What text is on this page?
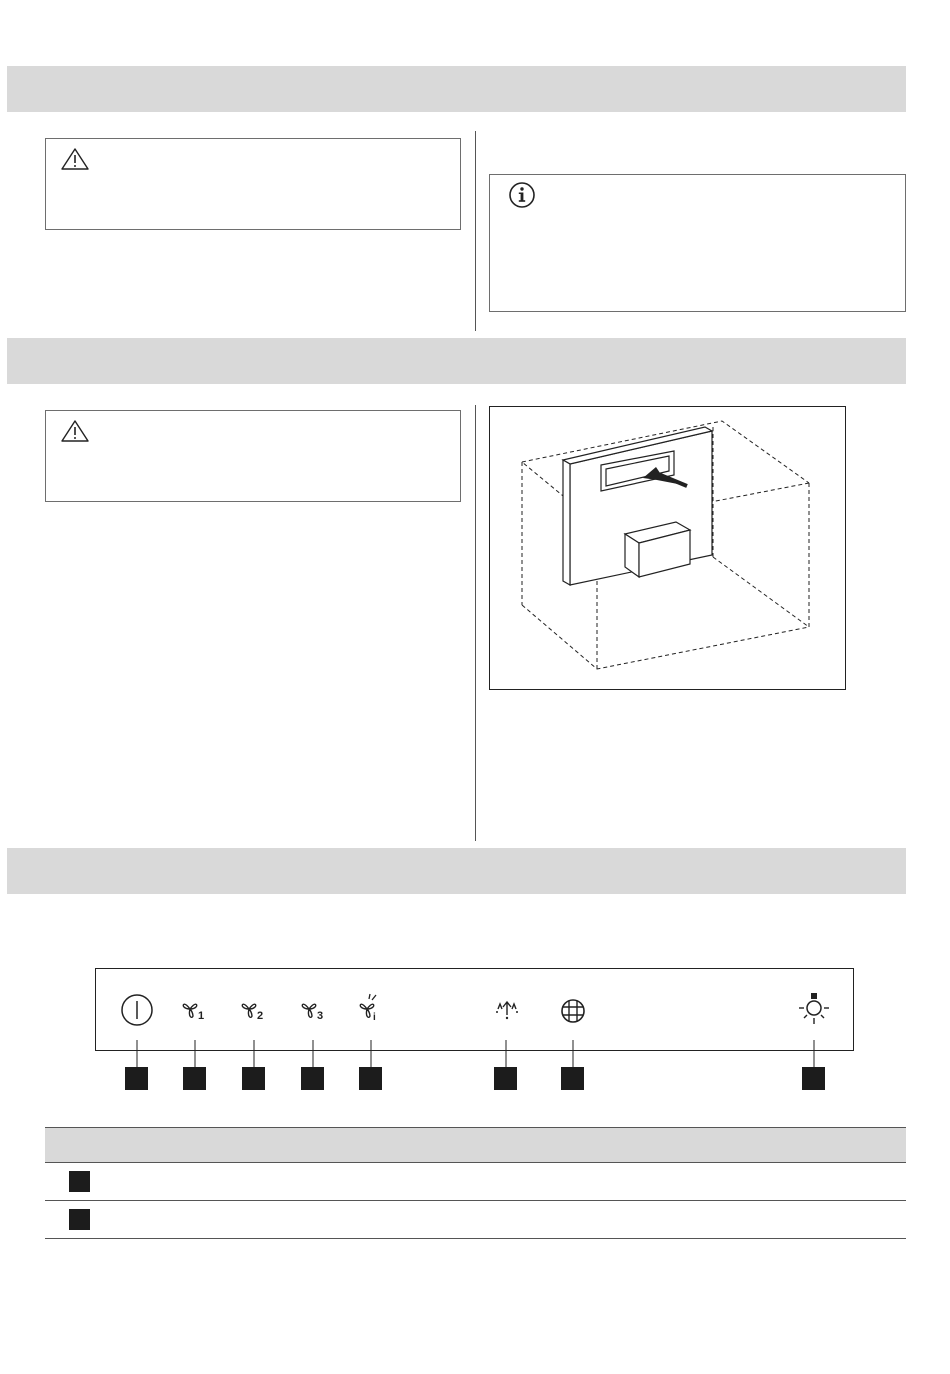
1	2	3	i
